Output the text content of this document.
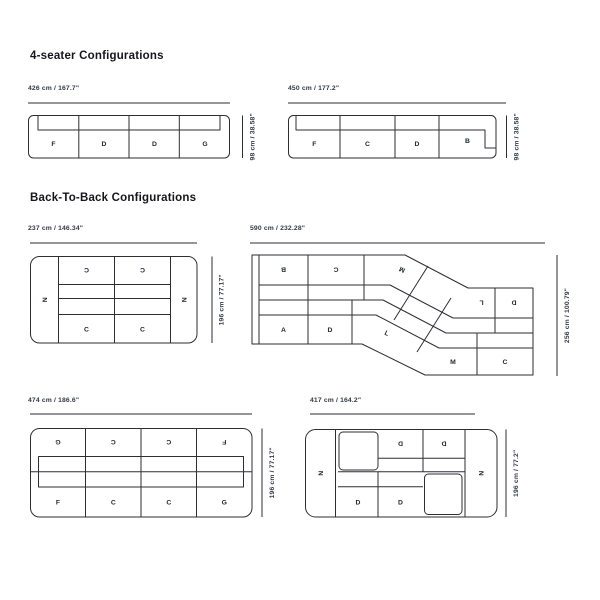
4-seater Configurations
426 cm / 167.7"
F	D	D	G	98 cm / 38.58"
450 cm / 177.2"
F	C	D	B	98 cm / 38.58"
Back-To-Back Configurations
237 cm / 146.34"
C	C
C	C
N	N	196 cm / 77.17"
590 cm / 232.28"
B	C	M
L	D
A	D	L
M	C
256 cm / 100.79"
474 cm / 186.6"
G	C	C	F
F	C	C	G
196 cm / 77.17"
417 cm / 164.2"
N	N
D	D
D	D
196 cm / 77.2"
